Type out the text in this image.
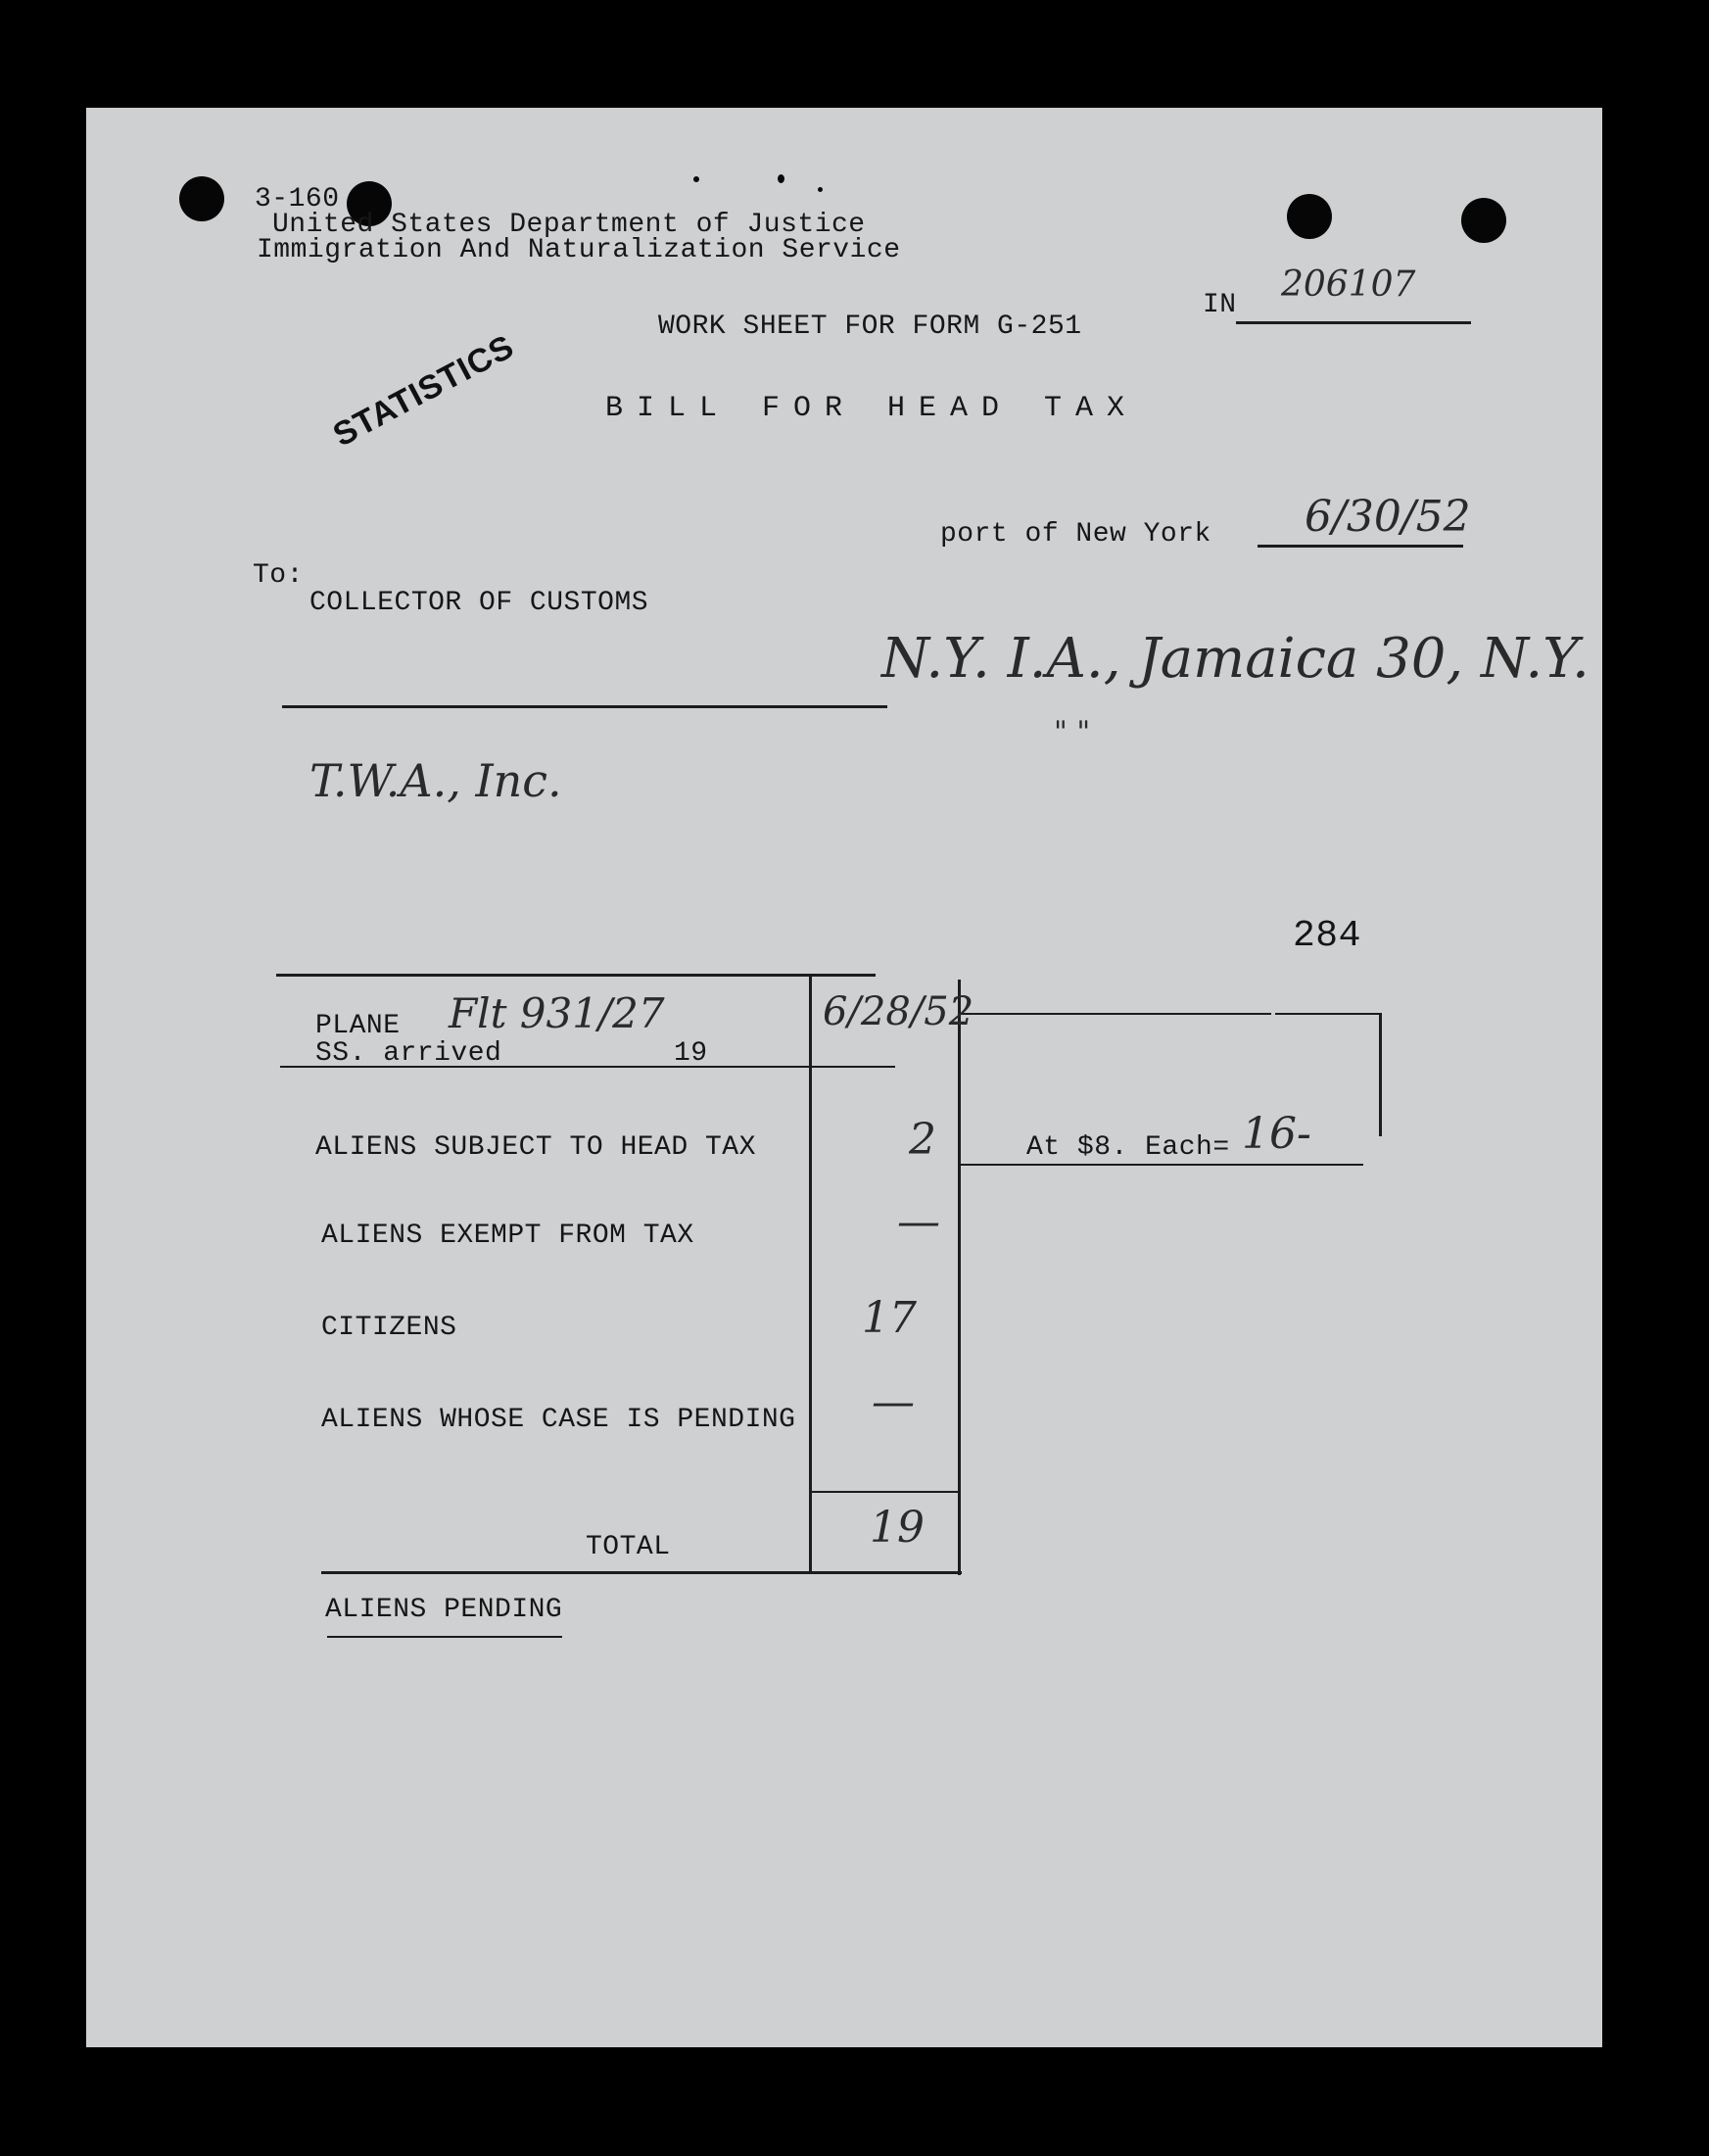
3-160
United States Department of Justice
Immigration And Naturalization Service
IN
206107
WORK SHEET FOR FORM G-251
STATISTICS	BILL FOR HEAD TAX
port of New York 6/30/52
To:
COLLECTOR OF CUSTOMS
N.Y. I.A., Jamaica 30, N.Y.
" "
T.W.A., Inc.
284
PLANE Flt 931/27
SS. arrived	19
6/28/52
ALIENS SUBJECT TO HEAD TAX	2	At $8. Each= 16-
ALIENS EXEMPT FROM TAX	—
CITIZENS	17
ALIENS WHOSE CASE IS PENDING —
TOTAL	19
ALIENS PENDING
